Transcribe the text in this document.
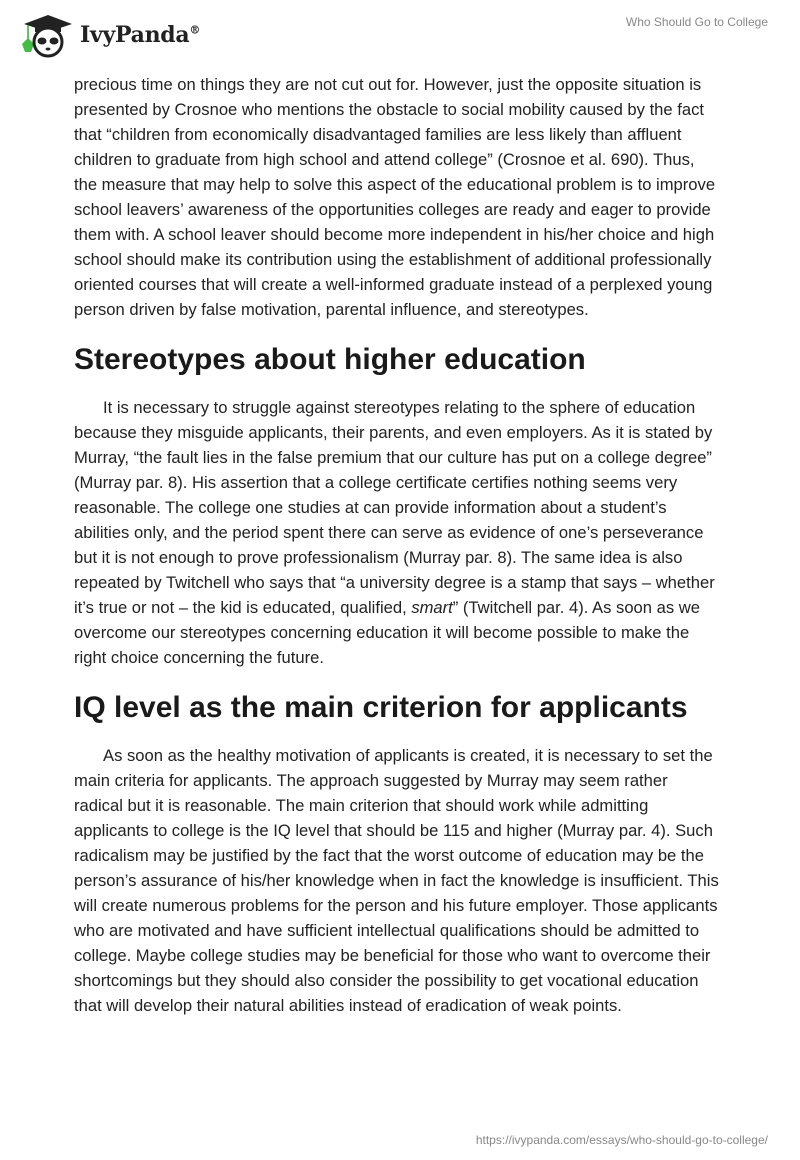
IvyPanda®
Who Should Go to College
precious time on things they are not cut out for. However, just the opposite situation is
presented by Crosnoe who mentions the obstacle to social mobility caused by the fact
that “children from economically disadvantaged families are less likely than affluent
children to graduate from high school and attend college” (Crosnoe et al. 690). Thus,
the measure that may help to solve this aspect of the educational problem is to improve
school leavers’ awareness of the opportunities colleges are ready and eager to provide
them with. A school leaver should become more independent in his/her choice and high
school should make its contribution using the establishment of additional professionally
oriented courses that will create a well-informed graduate instead of a perplexed young
person driven by false motivation, parental influence, and stereotypes.
Stereotypes about higher education
It is necessary to struggle against stereotypes relating to the sphere of education
because they misguide applicants, their parents, and even employers. As it is stated by
Murray, “the fault lies in the false premium that our culture has put on a college degree”
(Murray par. 8). His assertion that a college certificate certifies nothing seems very
reasonable. The college one studies at can provide information about a student’s
abilities only, and the period spent there can serve as evidence of one’s perseverance
but it is not enough to prove professionalism (Murray par. 8). The same idea is also
repeated by Twitchell who says that “a university degree is a stamp that says – whether
it’s true or not – the kid is educated, qualified, smart” (Twitchell par. 4). As soon as we
overcome our stereotypes concerning education it will become possible to make the
right choice concerning the future.
IQ level as the main criterion for applicants
As soon as the healthy motivation of applicants is created, it is necessary to set the
main criteria for applicants. The approach suggested by Murray may seem rather
radical but it is reasonable. The main criterion that should work while admitting
applicants to college is the IQ level that should be 115 and higher (Murray par. 4). Such
radicalism may be justified by the fact that the worst outcome of education may be the
person’s assurance of his/her knowledge when in fact the knowledge is insufficient. This
will create numerous problems for the person and his future employer. Those applicants
who are motivated and have sufficient intellectual qualifications should be admitted to
college. Maybe college studies may be beneficial for those who want to overcome their
shortcomings but they should also consider the possibility to get vocational education
that will develop their natural abilities instead of eradication of weak points.
https://ivypanda.com/essays/who-should-go-to-college/
